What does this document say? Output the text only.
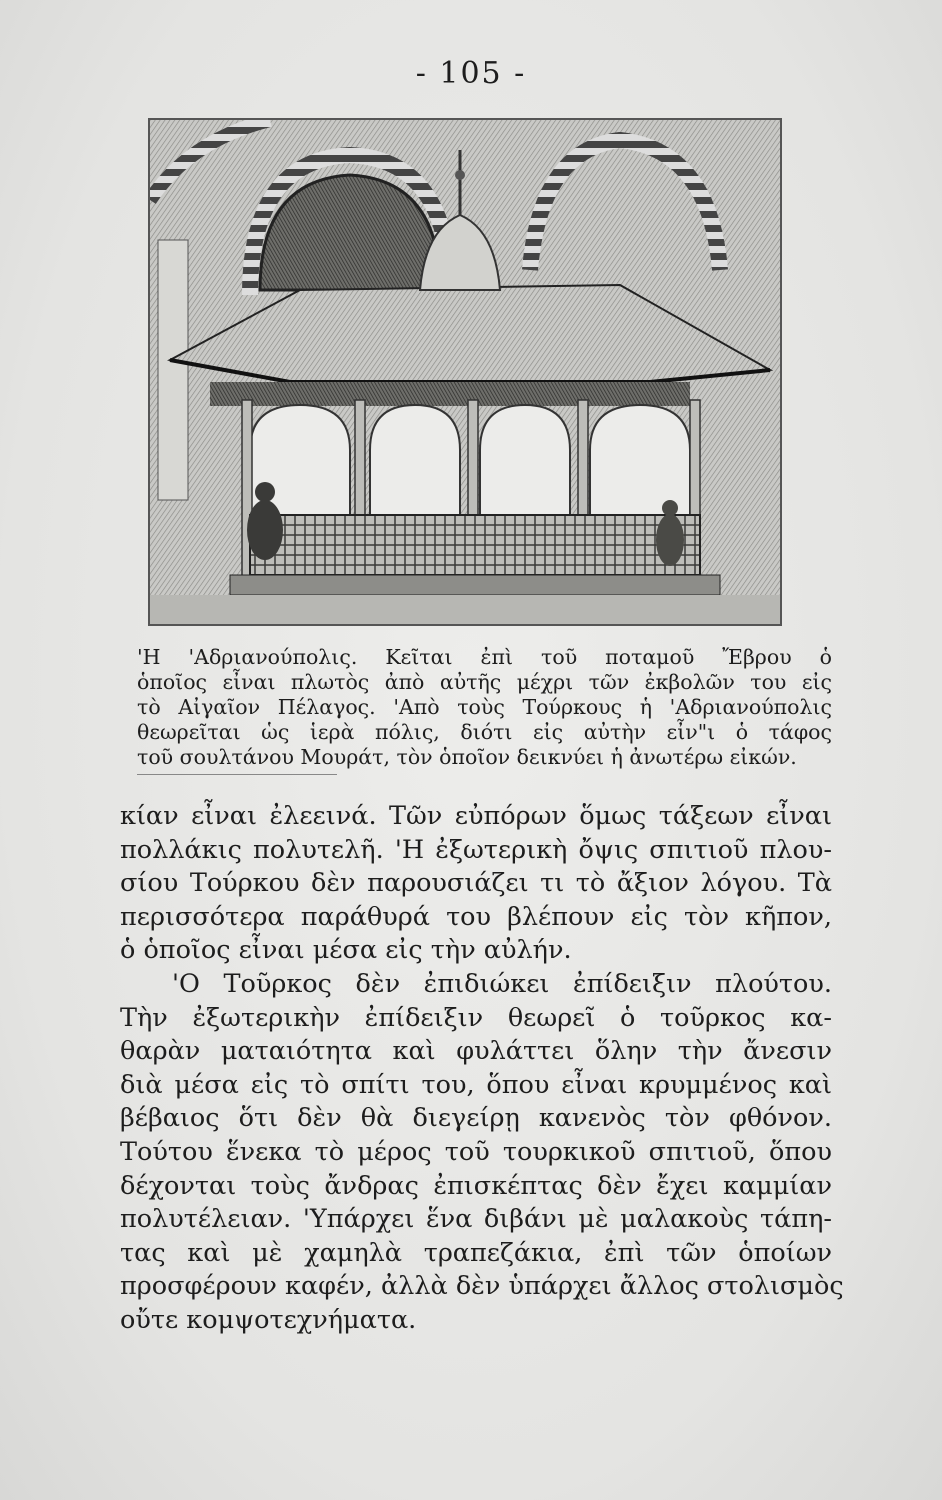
- 105 -
'Η 'Αδριανούπολις. Κεῖται ἐπὶ τοῦ ποταμοῦ Ἔβρου ὁ
ὁποῖος εἶναι πλωτὸς ἀπὸ αὐτῆς μέχρι τῶν ἐκβολῶν του εἰς
τὸ Αἰγαῖον Πέλαγος. 'Απὸ τοὺς Τούρκους ἡ 'Αδριανούπολις
θεωρεῖται ὡς ἱερὰ πόλις, διότι εἰς αὐτὴν εἶν"ι ὁ τάφος
τοῦ σουλτάνου Μουράτ, τὸν ὁποῖον δεικνύει ἡ ἀνωτέρω εἰκών.
κίαν εἶναι ἐλεεινά. Τῶν εὐπόρων ὅμως τάξεων εἶναι
πολλάκις πολυτελῆ. 'Η ἐξωτερικὴ ὄψις σπιτιοῦ πλου-
σίου Τούρκου δὲν παρουσιάζει τι τὸ ἄξιον λόγου. Τὰ
περισσότερα παράθυρά του βλέπουν εἰς τὸν κῆπον,
ὁ ὁποῖος εἶναι μέσα εἰς τὴν αὐλήν.
'Ο Τοῦρκος δὲν ἐπιδιώκει ἐπίδειξιν πλούτου.
Τὴν ἐξωτερικὴν ἐπίδειξιν θεωρεῖ ὁ τοῦρκος κα-
θαρὰν ματαιότητα καὶ φυλάττει ὅλην τὴν ἄνεσιν
διὰ μέσα εἰς τὸ σπίτι του, ὅπου εἶναι κρυμμένος καὶ
βέβαιος ὅτι δὲν θὰ διεγείρῃ κανενὸς τὸν φθόνον.
Τούτου ἕνεκα τὸ μέρος τοῦ τουρκικοῦ σπιτιοῦ, ὅπου
δέχονται τοὺς ἄνδρας ἐπισκέπτας δὲν ἔχει καμμίαν
πολυτέλειαν. 'Υπάρχει ἕνα διβάνι μὲ μαλακοὺς τάπη-
τας καὶ μὲ χαμηλὰ τραπεζάκια, ἐπὶ τῶν ὁποίων
προσφέρουν καφέν, ἀλλὰ δὲν ὑπάρχει ἄλλος στολισμὸς
οὔτε κομψοτεχνήματα.
